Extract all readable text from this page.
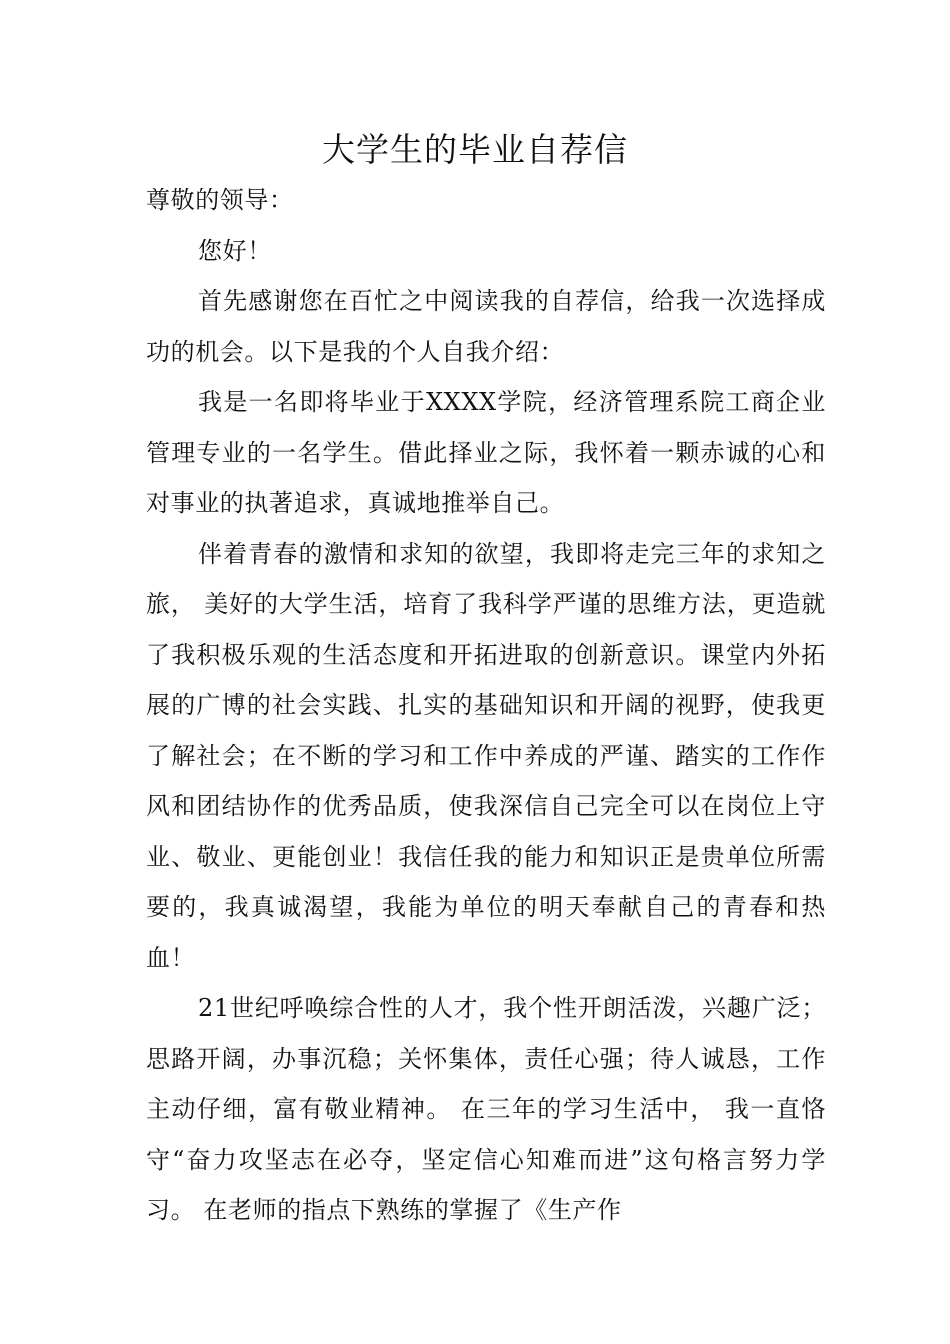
大学生的毕业自荐信

尊敬的领导：

您好！

首先感谢您在百忙之中阅读我的自荐信，给我一次选择成功的机会。以下是我的个人自我介绍：

我是一名即将毕业于XXXX学院，经济管理系院工商企业管理专业的一名学生。借此择业之际，我怀着一颗赤诚的心和对事业的执著追求，真诚地推举自己。

伴着青春的激情和求知的欲望，我即将走完三年的求知之旅， 美好的大学生活，培育了我科学严谨的思维方法，更造就了我积极乐观的生活态度和开拓进取的创新意识。课堂内外拓展的广博的社会实践、扎实的基础知识和开阔的视野，使我更了解社会；在不断的学习和工作中养成的严谨、踏实的工作作风和团结协作的优秀品质，使我深信自己完全可以在岗位上守业、敬业、更能创业！我信任我的能力和知识正是贵单位所需要的，我真诚渴望，我能为单位的明天奉献自己的青春和热血！

21世纪呼唤综合性的人才，我个性开朗活泼，兴趣广泛；思路开阔，办事沉稳；关怀集体，责任心强；待人诚恳，工作主动仔细，富有敬业精神。 在三年的学习生活中， 我一直恪守“奋力攻坚志在必夺，坚定信心知难而进”这句格言努力学习。 在老师的指点下熟练的掌握了《生产作
